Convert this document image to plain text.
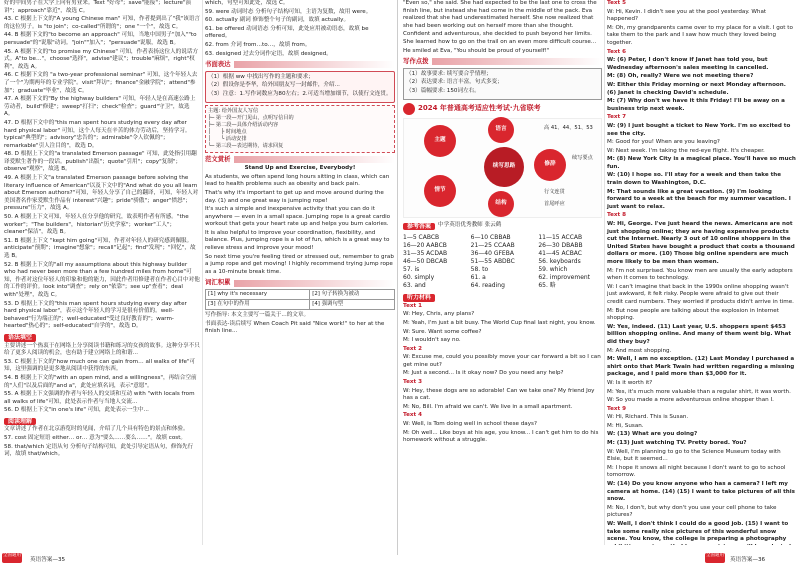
好的中间男子在大学上向有男业来。Text "好母"；save"能接"；lecture"演讲"；approach"靠近"，故选 C。

43. C 根据上下文的"A young Chinese man" 可知，作者提到出了"我"该语言的这位男子。is "to join"；co-called"所谓的"；one "一个"，故选 C。

44. B 根据下文的"to become an approach" 可知，当地中国男子"加入""to persuade"的"说服"动词。"join""加入"；"persuade"说服，故选 B。

45. A 根据下文的"to promise my Chinese" 可知，作者表扬这位人的说话方式。A"to be…"，choose"选择"，advise"建议"；trouble"麻烦"，right"权利"，故选 A。

46. C 根据下文的 "a two-year professional seminar" 可知，这个年轻人去了一个"为期两年的专业学院"。visit"拜访"；finance"金融学院"；attend"参加"；graduate"毕业"，故选 C。

47. A 根据下文的"By the highway builders" 可知，年轻人是在高速公路上劳动者，build"修建"；sweep"打扫"；check"检查"；guard"守卫"，故选 A。

47. D 根据下文中的"this man spent hours studying every day after hard physical labor" 可知，这个人每天在辛苦的体力劳动后，坚持学习。typical"典型的"；advisory"忠告的"；admirable"令人钦佩的"；remarkable"引人注目的"，故选 D。

48. D 根据上下文的"a translated Emerson passage" 可知，此处指引用翻译爱默生著作的一段话。publish"出版"；quote"引用"；copy"复制"；observe"观察"，故选 B。

49. A 根据上下文"a translated Emerson passage before solving the literary influence of American"以及下文中的"And what do you all learn about Emerson authors?"可知，年轻人分享了自己的翻译，可知，年轻人对美国著名作家爱默生作品有 interest"兴趣"；pride"骄傲"；anger"愤怒"；pressure"压力"，故选 A。

50. A 根据上下文可知，年轻人在分享他的研究，故表明作者有所感。"the worker"；"The builders"，historian"历史学家"；worker"工人"；cleaner"保洁"，故选 B。

51. B 根据上下文 "kept him going"可知，作者对年轻人的研究感到佩服。anticipate"预期"；imagine"想象"；recall"记起"；find"发现"；"回忆"，故选 B。

52. B 根据上下文的"all my assumptions about this highway builder who had never been more than a few hundred miles from home"可知，作者对这位年轻人的印象和他的能力，因此作者用修建者在作者心目中对他的工作的评价。look into"调查"；rely on"依靠"；see up"查看"；deal with"处理"，故选 C。

53. D 根据上下文的"this man spent hours studying every day after hard physical labor"，表示这个年轻人的学习是很有价值的。well-behaved"行为端正的"；well-educated"受过良好教育的"；warm-hearted"热心的"；self-educated"自学的"，故选 D。

语法填空

主要讲述一个热衷于在网络上分享阅读书籍和练习的女孩的故事。这种分享不只给了更多人阅读的机会，也有助于建立网络上的和谐...

53. C 根据上下文的"how much one can gain from… all walks of life"可知，这里强调的是更多地从阅读中获得的东西。

54. B 根据上下文的"with an open mind, and a willingness"，再结合空前的"人们"以及后面的"and a"，此处应填名词，表示"意愿"。

55. A 根据上下文强调的作者与年轻人的交谈和互动 with "with locals from all walks of life"可知，此处表示作者与当地人交流...

56. D 根据上下文"in one's life" 可知，此处表示一生中...

阅读理解

文章讲述了作者在北京游览时的见闻，介绍了几个具有特色的景点和体验。

57. cost 固定短语 either… or… 意为"要么……要么……"。故填 cost。

58. that/which 定语从句 分析句子结构可知，此处引导定语从句，修饰先行词，故填 that/which。

which，句型可知此处，故选 C。

59. were 动词时态 分析句子结构可知，主语为复数，故用 were。

60. actually 副词 修饰整个句子的副词，故填 actually。

61. be offered 动词语态 分析可知，此处应用被动语态，故填 be offered。

62. from 介词 from…to…，故填 from。

63. designed 过去分词作定语，故填 designed。

书面表达

（1）根据 ww 中找出写作的主题和要求；

（2）假设你是李华，给外国朋友写一封邮件，介绍...

（3）注意：1.写作词数应为80左右；2.可适当增加细节，以使行文连贯。

主题: 给外国友人写信
├─ 第一段—开门见山，点明写信目的
├─ 第二段—具体介绍活动内容
│      ├ 时间地点
│      └ 活动安排
└─ 第三段—表达期待，请求回复
范文赏析

Stand Up and Exercise, Everybody!

As students, we often spend long hours sitting in class, which can lead to health problems such as obesity and back pain.

That's why it's important to get up and move around during the day. (1) and one great way is jumping rope!

It's such a simple and inexpensive activity that you can do it anywhere — even in a small space. Jumping rope is a great cardio workout that gets your heart rate up and helps you burn calories.

It is also helpful to improve your coordination, flexibility, and balance. Plus, jumping rope is a lot of fun, which is a great way to relieve stress and improve your mood!

So next time you're feeling tired or stressed out, remember to grab a jump rope and get moving! I highly recommend trying jump rope as a 10-minute break time.

词汇积累
[1] why it's necessary	[2] 句子转换为被动
[3] 在句中的作用	[4] 强调句型

写作指导: 本文主要写一篇关于...的文章。

书面表达-读后续写 When Coach Pit said "Nice work!" to her at the finish line...

"Even so," she said. She had expected to be the last one to cross the finish line, but instead she had come in the middle of the pack. Eva realized that she had underestimated herself. She now realized that she had been working out on herself more than she thought.

Confident and adventurous, she decided to push beyond her limits. She learned how to go on the trail on an even more difficult course...

He smiled at Eva, "You should be proud of yourself!"

写作点拨

（1）故事要求: 续写要合乎情理；

（2）表达要求: 语言丰富，句式多变；

（3）篇幅要求: 150词左右。

2024 年普通高考适应性考试·九省联考
续写思路
主题
情节
语言
结构
修辞
高 41、44、51、53
续写要点
行文连贯
首尾呼应
参考答案	中学英语优秀教师 张云鹤
1—5 CABCB	6—10 CBBAB	11—15 ACCAB
16—20 AABCB	21—25 CCAAB	26—30 DBABB
31—35 ACDAB	36—40 GFEBA	41—45 ACBAC
46—50 DBCAB	51—55 ABDBC	56. keyboards
57. is	58. to	59. which
60. simply	61. a	62. improvement
63. and	64. reading	65. 略
听力材料

Text 1

W: Hey, Chris, any plans?

M: Yeah, I'm just a bit busy. The World Cup final last night, you know.

W: Sure. Want some coffee?

M: I wouldn't say no.

Text 2

W: Excuse me, could you possibly move your car forward a bit so I can get mine out?

M: Just a second... Is it okay now? Do you need any help?

Text 3

W: Hey, these dogs are so adorable! Can we take one? My friend Joy has a cat.

M: No, Bill. I'm afraid we can't. We live in a small apartment.

Text 4

W: Well, is Tom doing well in school these days?

M: Oh well... Like boys at his age, you know... I can't get him to do his homework without a struggle.

Text 5

W: Hi, Kevin. I didn't see you at the pool yesterday. What happened?

M: Oh, my grandparents came over to my place for a visit. I got to take them to the park and I saw how much they loved being together.

Text 6

W: (6) Peter, I don't know if Janet has told you, but Wednesday afternoon's sales meeting is cancelled.

M: (8) Oh, really? Were we not meeting there?

W: Either this Friday morning or next Monday afternoon. (6) Janet is checking David's schedule.

M: (7) Why don't we have it this Friday! I'll be away on a business trip next week.

Text 7

W: (9) I just bought a ticket to New York. I'm so excited to see the city.

M: Good for you! When are you leaving?

W: Next week. I'm taking the red-eye flight. It's cheaper.

M: (8) New York City is a magical place. You'll have so much fun.

W: (10) I hope so. I'll stay for a week and then take the train down to Washington, D.C.

M: That sounds like a great vacation. (9) I'm looking forward to a week at the beach for my summer vacation. I just want to relax.

Text 8

W: Hi, George. I've just heard the news. Americans are not just shopping online; they are having expensive products cut the Internet. Nearly 3 out of 10 online shoppers in the United States have bought a product that costs a thousand dollars or more. (10) Those big online spenders are much more likely to be men than women.

M: I'm not surprised. You know men are usually the early adopters when it comes to technology.

W: I can't imagine that back in the 1990s online shopping wasn't just awkward, it felt risky. People were afraid to give out their credit card numbers. They worried if products didn't arrive in time.

M: But now people are talking about the explosion in Internet shopping.

W: Yes, indeed. (11) Last year, U.S. shoppers spent $453 billion shopping online. And many of them went big. What did they buy?

M: And most shopping.

M: Well, I am no exception. (12) Last Monday I purchased a shirt onto that Mark Twain had written regarding a missing package, and I paid more than $3,000 for it.

W: Is it worth it?

M: Yes, it's much more valuable than a regular shirt, it was worth.

W: So you made a more adventurous online shopper than I.

Text 9

W: Hi, Richard. This is Susan.

M: Hi, Susan.

W: (13) What are you doing?

M: (13) Just watching TV. Pretty bored. You?

W: Well, I'm planning to go to the Science Museum today with Elsie, but it seemed...

M: I hope it snows all night because I don't want to go to school tomorrow.

W: (14) Do you know anyone who has a camera? I left my camera at home. (14) (15) I want to take pictures of all this snow.

M: No, I don't, but why don't you use your cell phone to take pictures?

W: Well, I don't think I could do a good job. (15) I want to take some really nice pictures of this wonderful snow scene. You know, the college is preparing a photography

全国通用
英语答案—35
全国通用
英语答案—36
